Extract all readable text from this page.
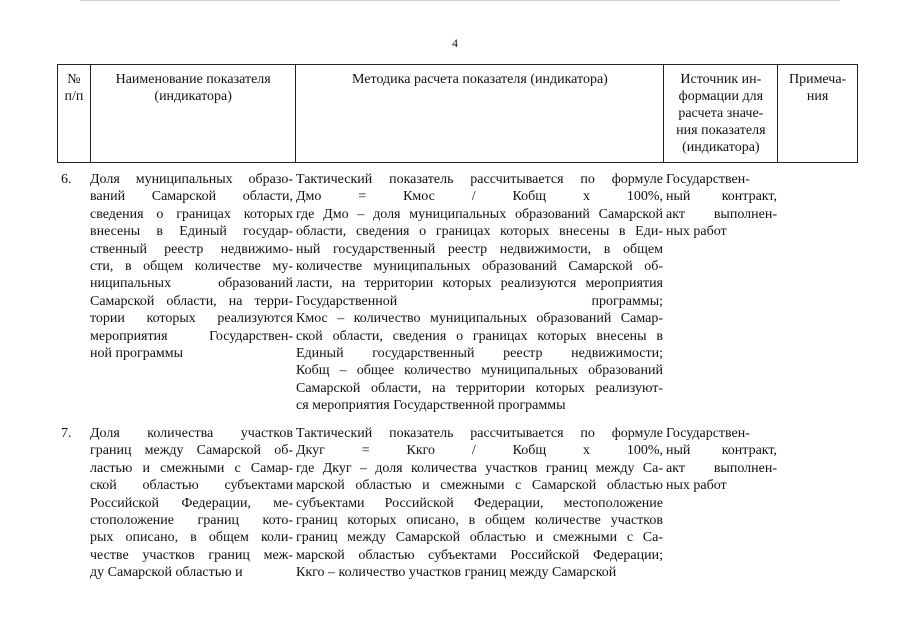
4
№
п/п
Наименование показателя
(индикатора)
Методика расчета показателя (индикатора)	Источник ин-
формации для
расчета значе-
ния показателя
(индикатора)
Примеча-
ния
6. Доля муниципальных образо-
ваний Самарской области,
сведения о границах которых
внесены в Единый государ-
ственный реестр недвижимо-
сти, в общем количестве му-
ниципальных образований
Самарской области, на терри-
тории которых реализуются
мероприятия Государствен-
ной программы
Тактический показатель рассчитывается по формуле
Дмо = Кмос / Кобщ х 100%,
где Дмо – доля муниципальных образований Самарской
области, сведения о границах которых внесены в Еди-
ный государственный реестр недвижимости, в общем
количестве муниципальных образований Самарской об-
ласти, на территории которых реализуются мероприятия
Государственной программы;
Кмос – количество муниципальных образований Самар-
ской области, сведения о границах которых внесены в
Единый государственный реестр недвижимости;
Кобщ – общее количество муниципальных образований
Самарской области, на территории которых реализуют-
ся мероприятия Государственной программы
Государствен-
ный контракт,
акт выполнен-
ных работ
7. Доля количества участков
границ между Самарской об-
ластью и смежными с Самар-
ской областью субъектами
Российской Федерации, ме-
стоположение границ кото-
рых описано, в общем коли-
честве участков границ меж-
ду Самарской областью и
Тактический показатель рассчитывается по формуле
Дкуг = Ккго / Кобщ х 100%,
где Дкуг – доля количества участков границ между Са-
марской областью и смежными с Самарской областью
субъектами Российской Федерации, местоположение
границ которых описано, в общем количестве участков
границ между Самарской областью и смежными с Са-
марской областью субъектами Российской Федерации;
Ккго – количество участков границ между Самарской
Государствен-
ный контракт,
акт выполнен-
ных работ
